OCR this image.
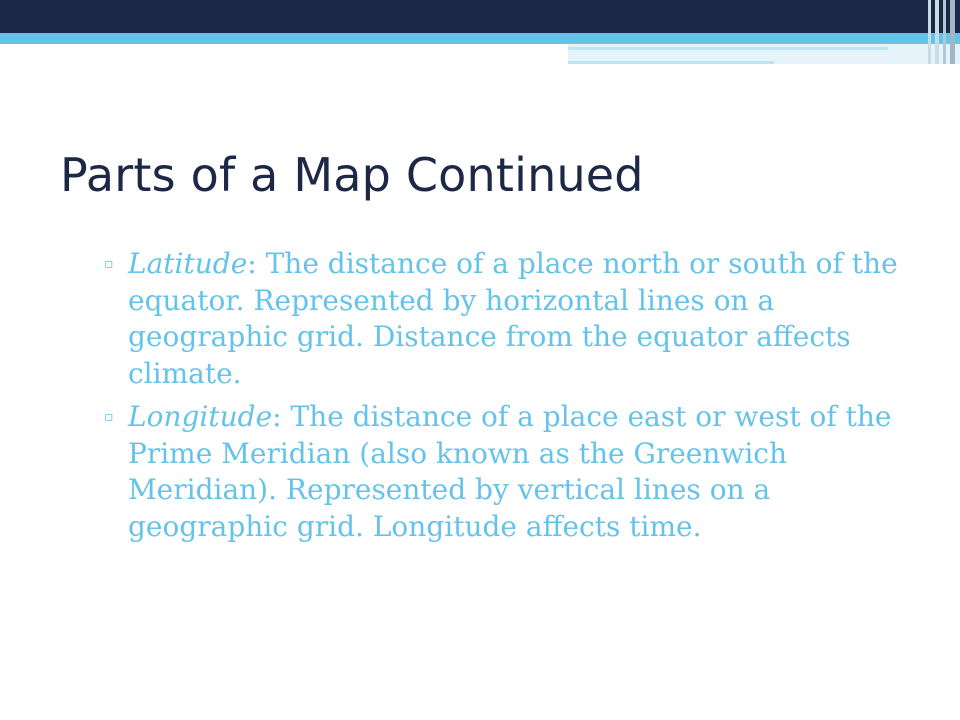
Parts of a Map Continued
▫ Latitude: The distance of a place north or south of the equator. Represented by horizontal lines on a geographic grid. Distance from the equator affects climate.
▫ Longitude: The distance of a place east or west of the Prime Meridian (also known as the Greenwich Meridian). Represented by vertical lines on a geographic grid. Longitude affects time.
